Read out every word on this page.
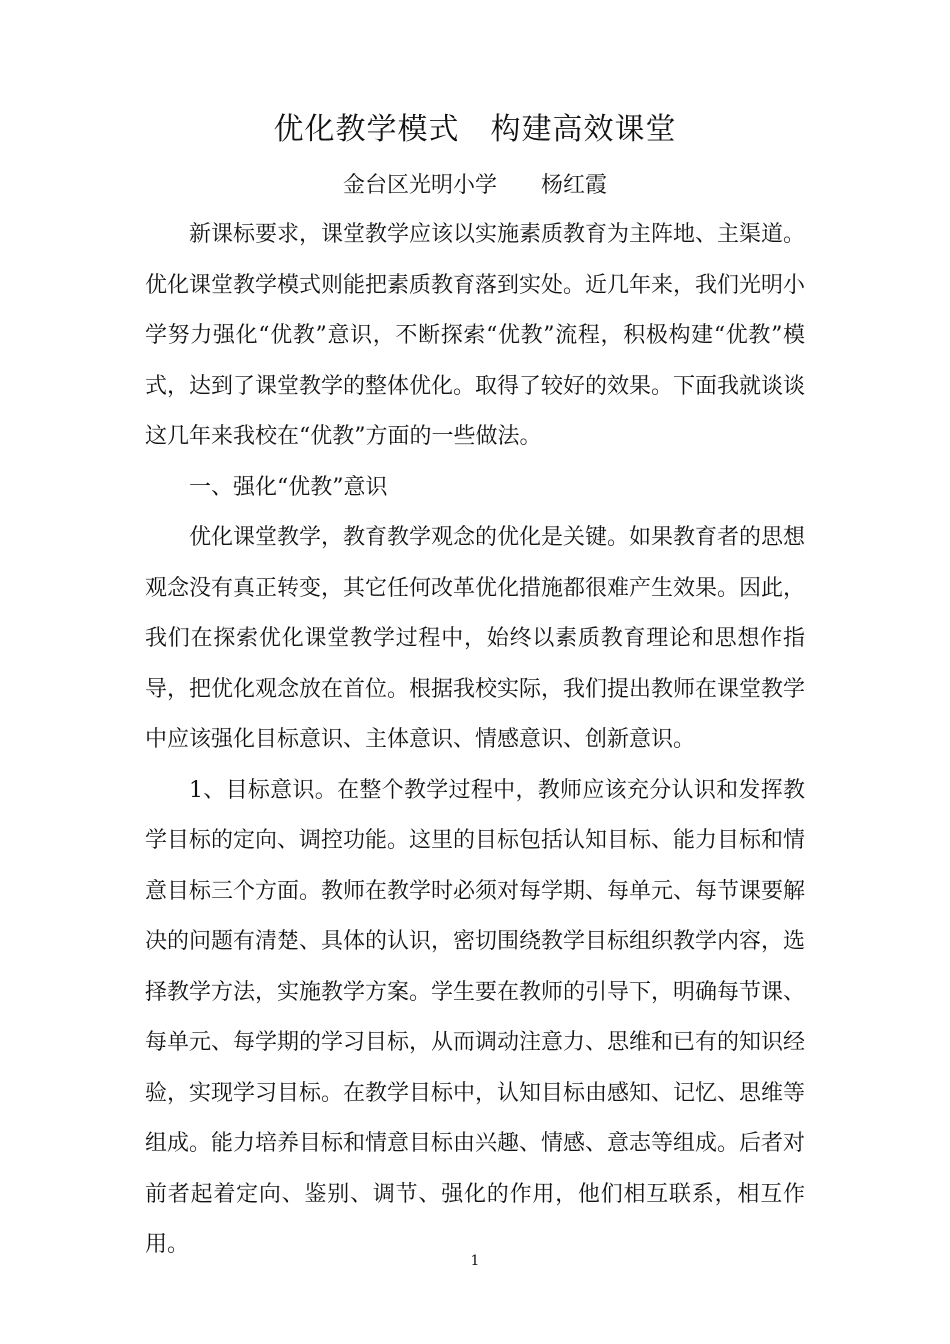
优化教学模式　构建高效课堂
金台区光明小学　　杨红霞

新课标要求，课堂教学应该以实施素质教育为主阵地、主渠道。优化课堂教学模式则能把素质教育落到实处。近几年来，我们光明小学努力强化“优教”意识，不断探索“优教”流程，积极构建“优教”模式，达到了课堂教学的整体优化。取得了较好的效果。下面我就谈谈这几年来我校在“优教”方面的一些做法。

一、强化“优教”意识

优化课堂教学，教育教学观念的优化是关键。如果教育者的思想观念没有真正转变，其它任何改革优化措施都很难产生效果。因此，我们在探索优化课堂教学过程中，始终以素质教育理论和思想作指导，把优化观念放在首位。根据我校实际，我们提出教师在课堂教学中应该强化目标意识、主体意识、情感意识、创新意识。

1、目标意识。在整个教学过程中，教师应该充分认识和发挥教学目标的定向、调控功能。这里的目标包括认知目标、能力目标和情意目标三个方面。教师在教学时必须对每学期、每单元、每节课要解决的问题有清楚、具体的认识，密切围绕教学目标组织教学内容，选择教学方法，实施教学方案。学生要在教师的引导下，明确每节课、每单元、每学期的学习目标，从而调动注意力、思维和已有的知识经验，实现学习目标。在教学目标中，认知目标由感知、记忆、思维等组成。能力培养目标和情意目标由兴趣、情感、意志等组成。后者对前者起着定向、鉴别、调节、强化的作用，他们相互联系，相互作用。

1
